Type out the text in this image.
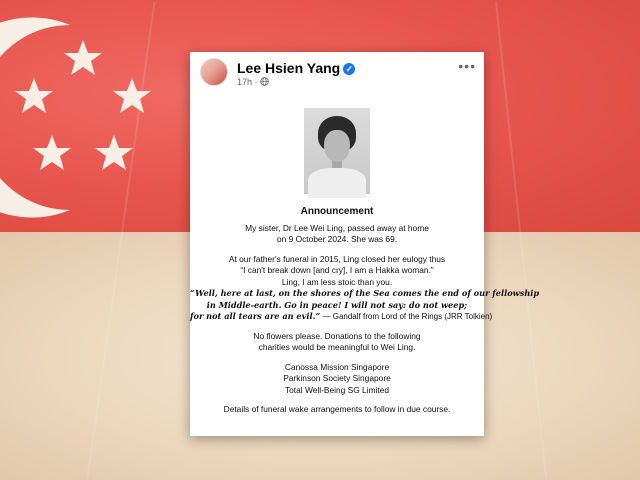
Lee Hsien Yang ✓
17h ·
•••
Announcement
My sister, Dr Lee Wei Ling, passed away at home
on 9 October 2024. She was 69.
At our father's funeral in 2015, Ling closed her eulogy thus
“I can't break down [and cry], I am a Hakka woman.”
Ling, I am less stoic than you.
“Well, here at last, on the shores of the Sea comes the end of our fellowship
in Middle-earth. Go in peace! I will not say: do not weep;
for not all tears are an evil.” — Gandalf from Lord of the Rings (JRR Tolkien)
No flowers please. Donations to the following
charities would be meaningful to Wei Ling.
Canossa Mission Singapore
Parkinson Society Singapore
Total Well-Being SG Limited
Details of funeral wake arrangements to follow in due course.
